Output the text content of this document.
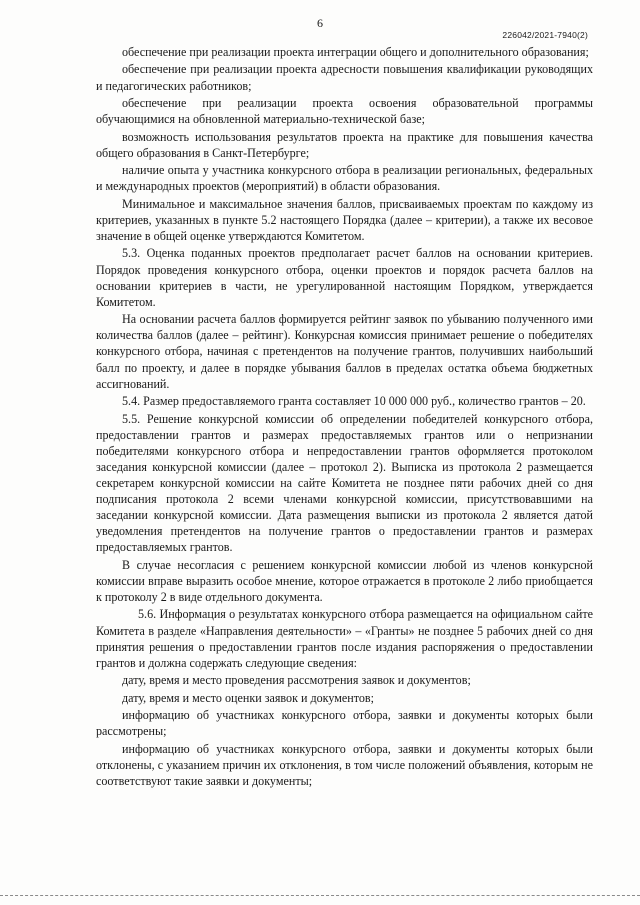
6
226042/2021-7940(2)

обеспечение при реализации проекта интеграции общего и дополнительного образования;

обеспечение при реализации проекта адресности повышения квалификации руководящих и педагогических работников;

обеспечение при реализации проекта освоения образовательной программы обучающимися на обновленной материально-технической базе;

возможность использования результатов проекта на практике для повышения качества общего образования в Санкт-Петербурге;

наличие опыта у участника конкурсного отбора в реализации региональных, федеральных и международных проектов (мероприятий) в области образования.

Минимальное и максимальное значения баллов, присваиваемых проектам по каждому из критериев, указанных в пункте 5.2 настоящего Порядка (далее – критерии), а также их весовое значение в общей оценке утверждаются Комитетом.

5.3. Оценка поданных проектов предполагает расчет баллов на основании критериев. Порядок проведения конкурсного отбора, оценки проектов и порядок расчета баллов на основании критериев в части, не урегулированной настоящим Порядком, утверждается Комитетом.

На основании расчета баллов формируется рейтинг заявок по убыванию полученного ими количества баллов (далее – рейтинг). Конкурсная комиссия принимает решение о победителях конкурсного отбора, начиная с претендентов на получение грантов, получивших наибольший балл по проекту, и далее в порядке убывания баллов в пределах остатка объема бюджетных ассигнований.

5.4. Размер предоставляемого гранта составляет 10 000 000 руб., количество грантов – 20.

5.5. Решение конкурсной комиссии об определении победителей конкурсного отбора, предоставлении грантов и размерах предоставляемых грантов или о непризнании победителями конкурсного отбора и непредоставлении грантов оформляется протоколом заседания конкурсной комиссии (далее – протокол 2). Выписка из протокола 2 размещается секретарем конкурсной комиссии на сайте Комитета не позднее пяти рабочих дней со дня подписания протокола 2 всеми членами конкурсной комиссии, присутствовавшими на заседании конкурсной комиссии. Дата размещения выписки из протокола 2 является датой уведомления претендентов на получение грантов о предоставлении грантов и размерах предоставляемых грантов.

В случае несогласия с решением конкурсной комиссии любой из членов конкурсной комиссии вправе выразить особое мнение, которое отражается в протоколе 2 либо приобщается к протоколу 2 в виде отдельного документа.

5.6. Информация о результатах конкурсного отбора размещается на официальном сайте Комитета в разделе «Направления деятельности» – «Гранты» не позднее 5 рабочих дней со дня принятия решения о предоставлении грантов после издания распоряжения о предоставлении грантов и должна содержать следующие сведения:

дату, время и место проведения рассмотрения заявок и документов;

дату, время и место оценки заявок и документов;

информацию об участниках конкурсного отбора, заявки и документы которых были рассмотрены;

информацию об участниках конкурсного отбора, заявки и документы которых были отклонены, с указанием причин их отклонения, в том числе положений объявления, которым не соответствуют такие заявки и документы;
